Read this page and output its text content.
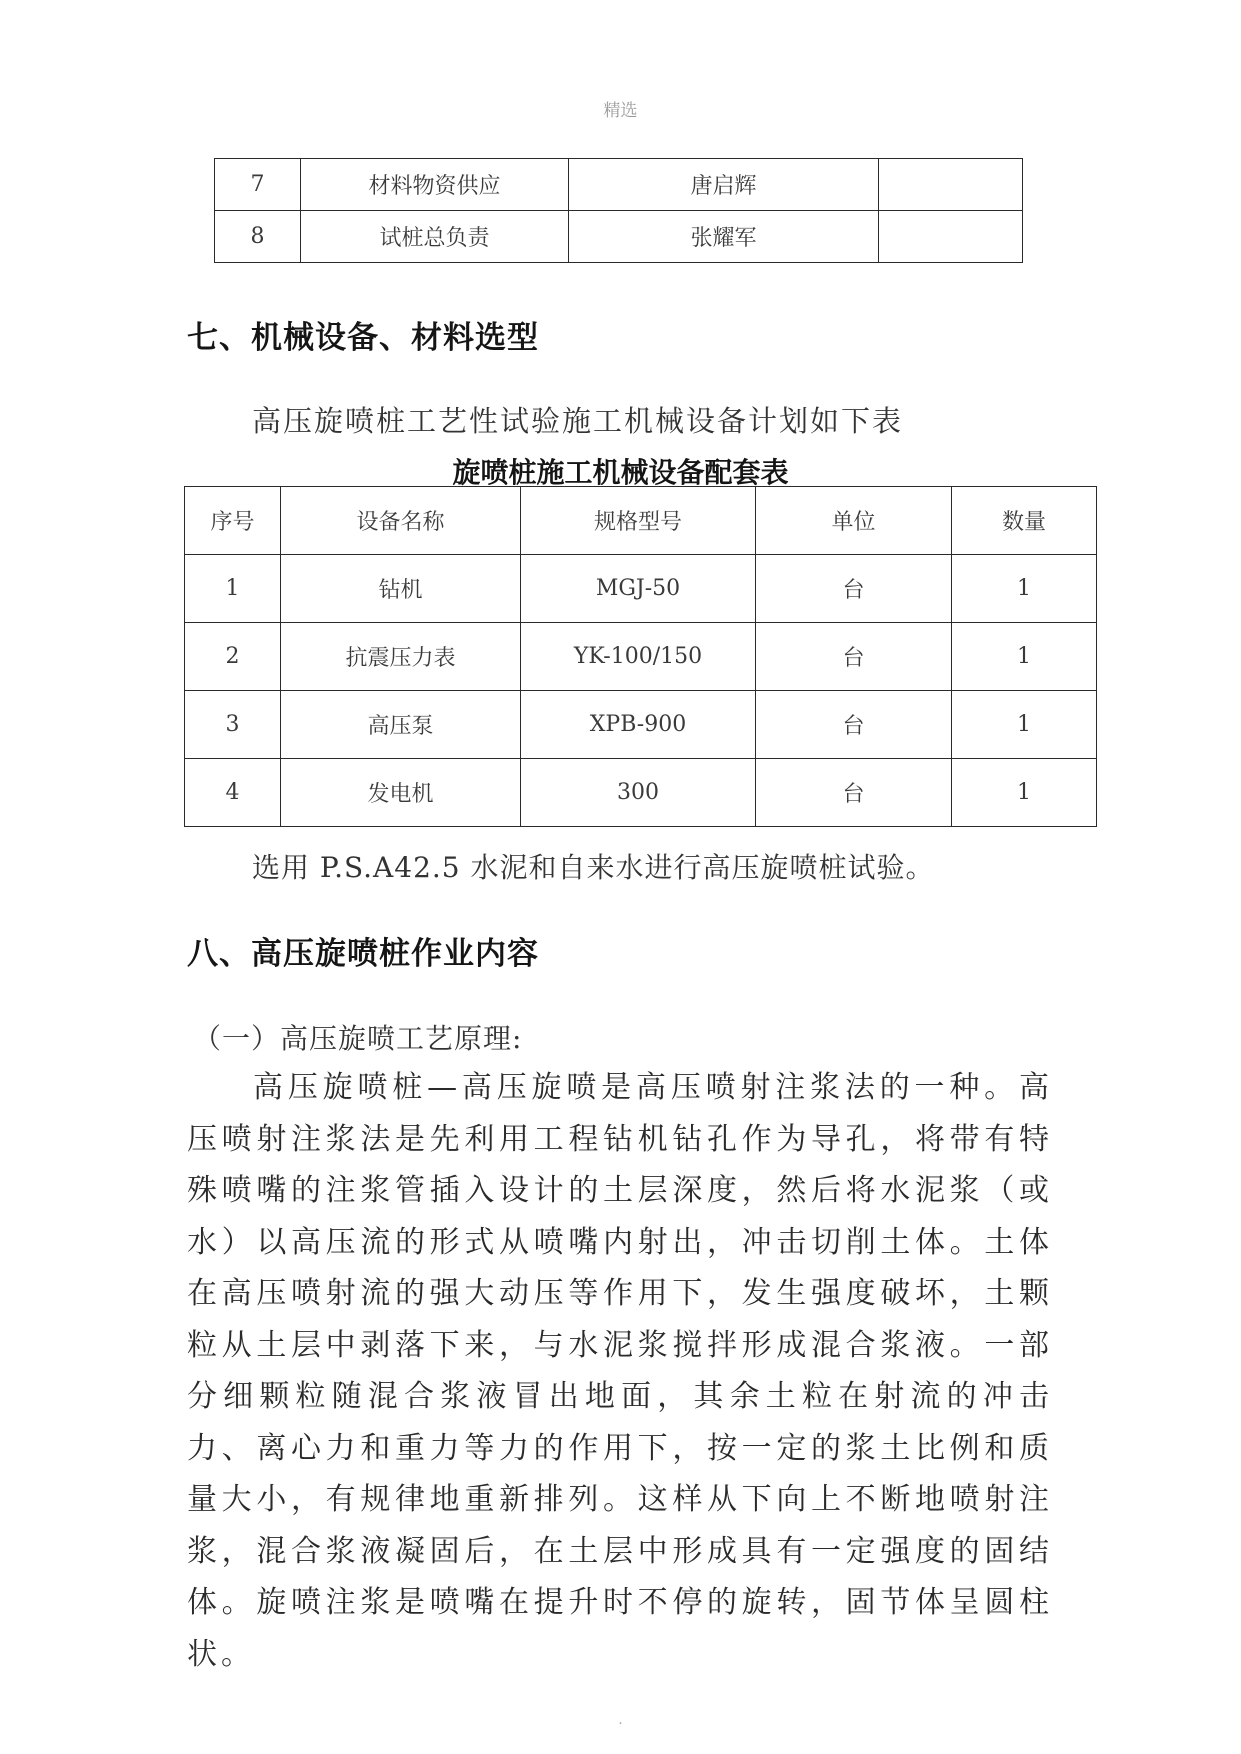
精选
7	材料物资供应	唐启辉	
8	试桩总负责	张耀军	
七、机械设备、材料选型
高压旋喷桩工艺性试验施工机械设备计划如下表
旋喷桩施工机械设备配套表
序号	设备名称	规格型号	单位	数量
1	钻机	MGJ-50	台	1
2	抗震压力表	YK-100/150	台	1
3	高压泵	XPB-900	台	1
4	发电机	300	台	1
选用 P.S.A42.5 水泥和自来水进行高压旋喷桩试验。
八、高压旋喷桩作业内容
（一）高压旋喷工艺原理:
高压旋喷桩—高压旋喷是高压喷射注浆法的一种。高压喷射注浆法是先利用工程钻机钻孔作为导孔，将带有特殊喷嘴的注浆管插入设计的土层深度，然后将水泥浆（或水）以高压流的形式从喷嘴内射出，冲击切削土体。土体在高压喷射流的强大动压等作用下，发生强度破坏，土颗粒从土层中剥落下来，与水泥浆搅拌形成混合浆液。一部分细颗粒随混合浆液冒出地面，其余土粒在射流的冲击力、离心力和重力等力的作用下，按一定的浆土比例和质量大小，有规律地重新排列。这样从下向上不断地喷射注浆，混合浆液凝固后，在土层中形成具有一定强度的固结体。旋喷注浆是喷嘴在提升时不停的旋转，固节体呈圆柱状。
.
